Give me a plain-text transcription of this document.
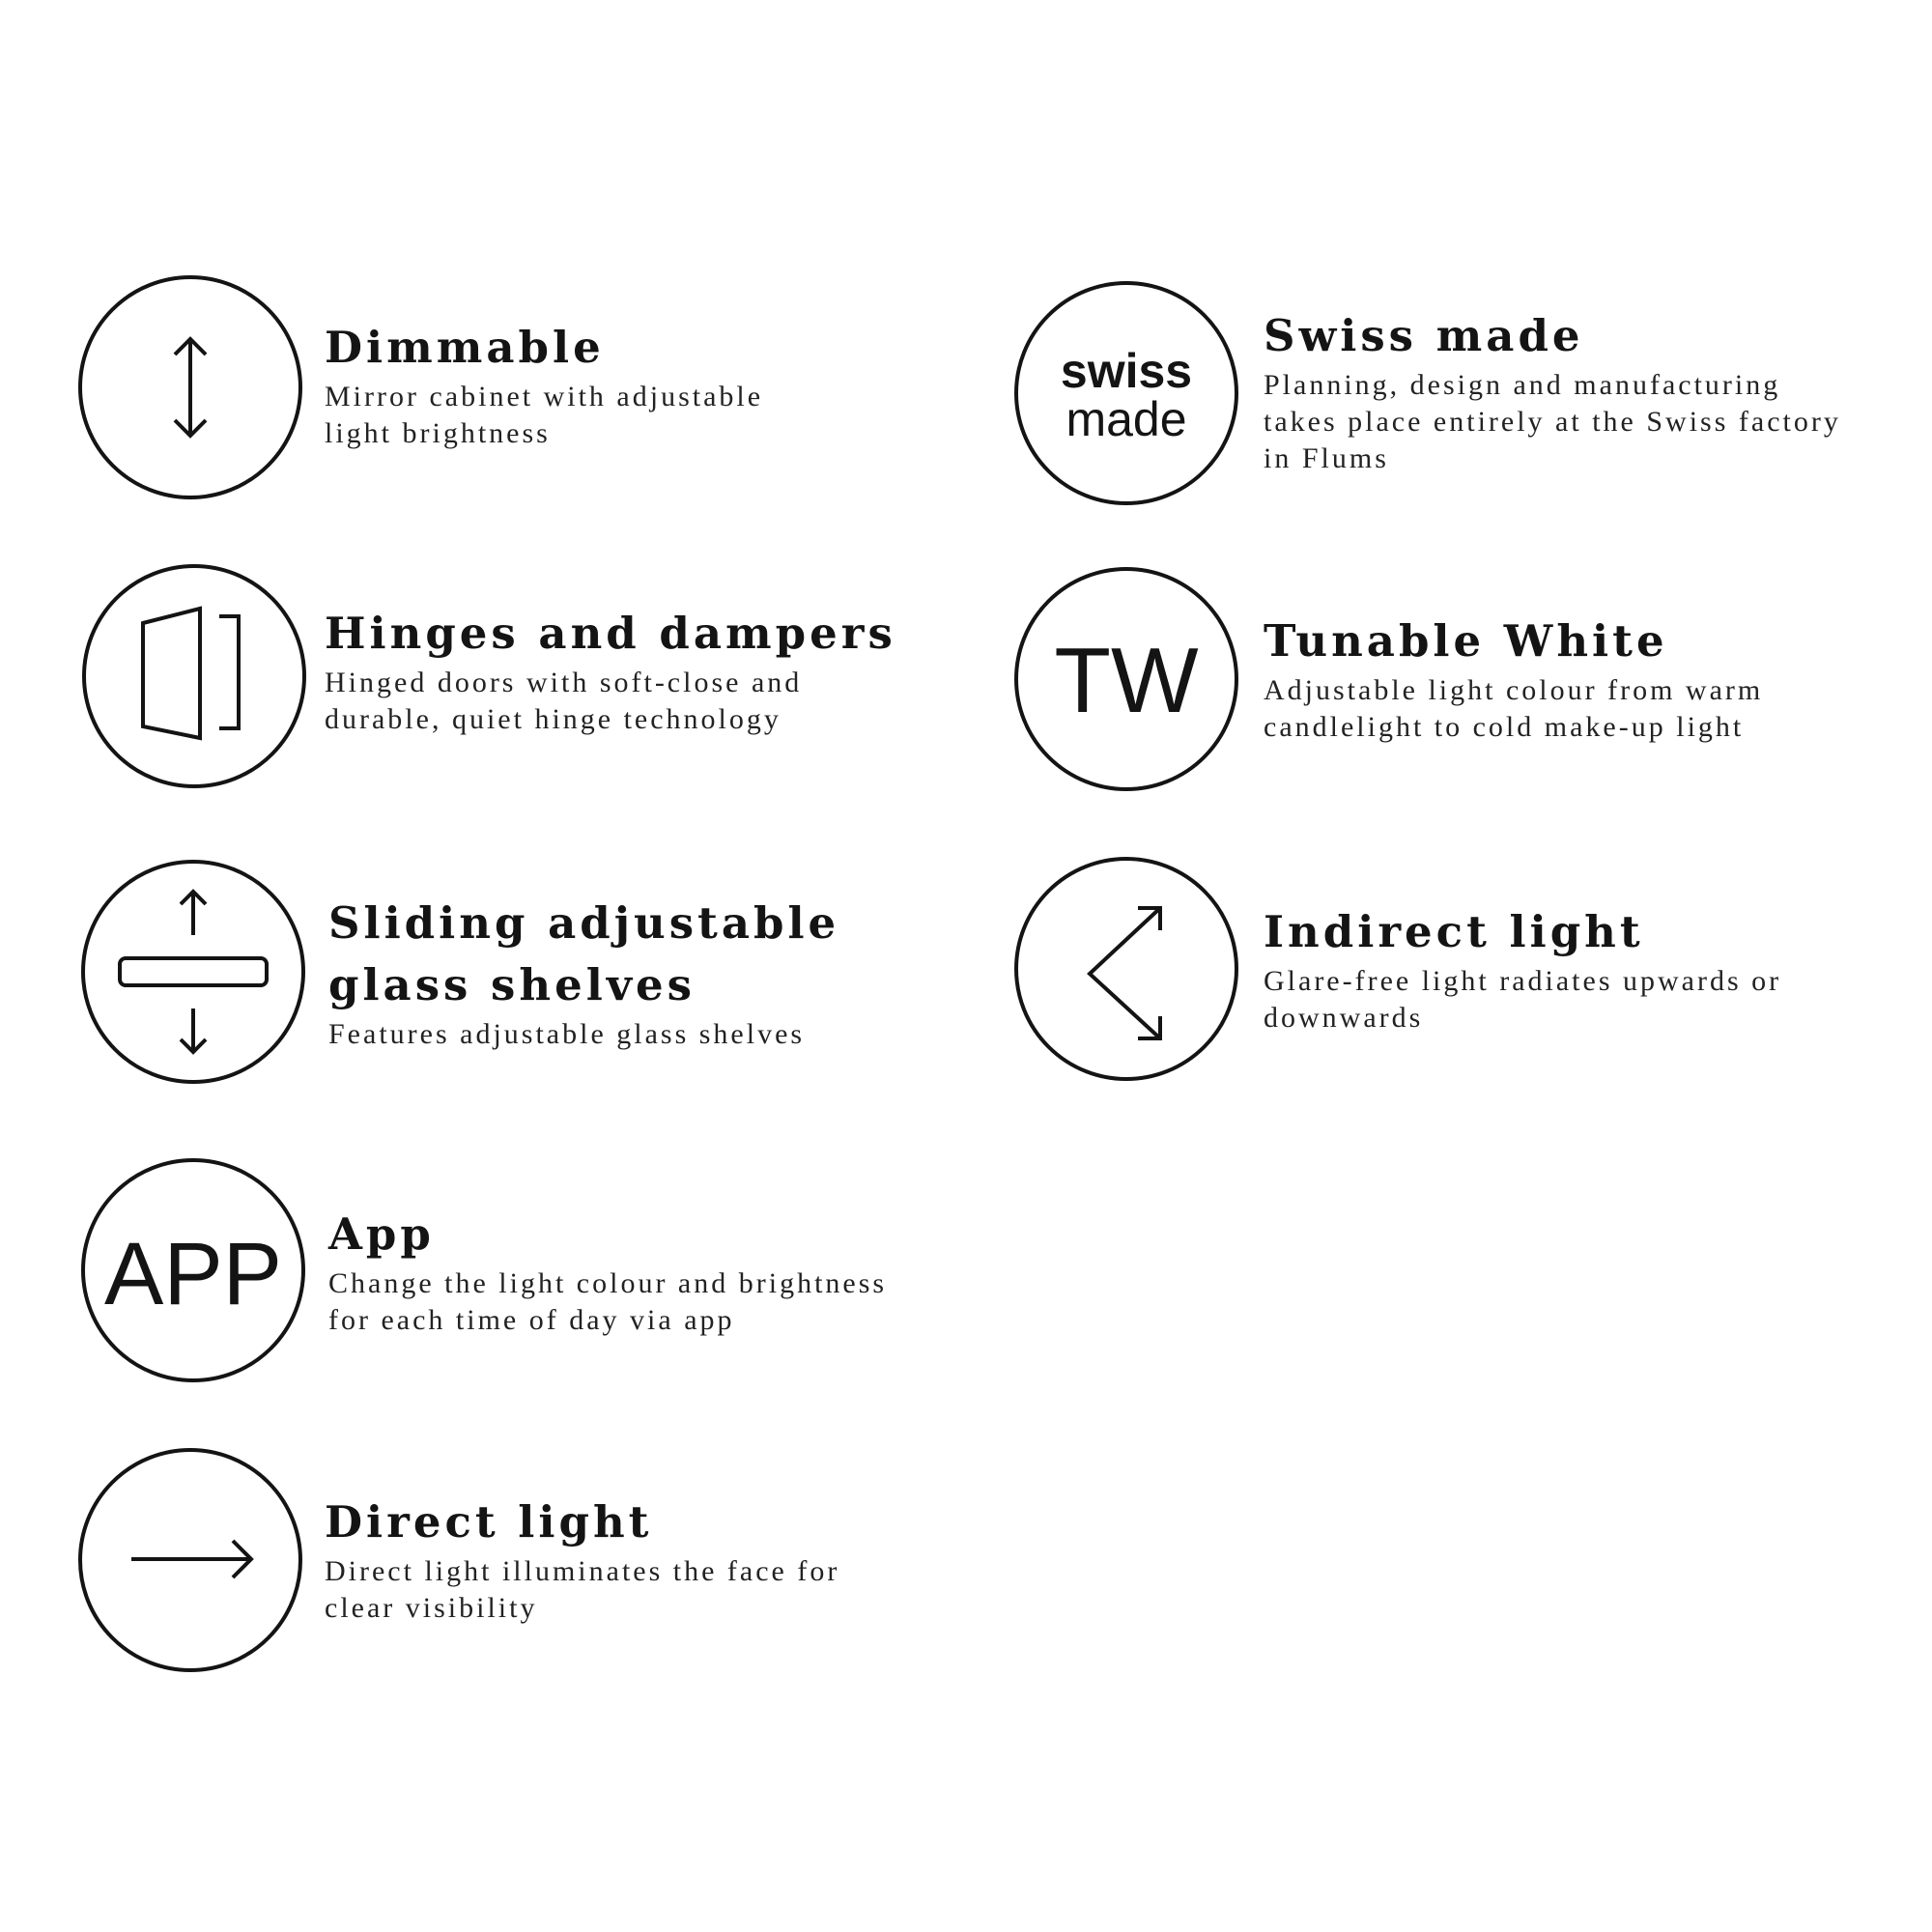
Dimmable
Mirror cabinet with adjustable
light brightness
swiss
made
Swiss made
Planning, design and manufacturing
takes place entirely at the Swiss factory
in Flums
Hinges and dampers
Hinged doors with soft-close and
durable, quiet hinge technology	TW Tunable White
Adjustable light colour from warm
candlelight to cold make-up light
Sliding adjustable
glass shelves
Features adjustable glass shelves
Indirect light
Glare-free light radiates upwards or
downwards
APP App
Change the light colour and brightness
for each time of day via app
Direct light
Direct light illuminates the face for
clear visibility
